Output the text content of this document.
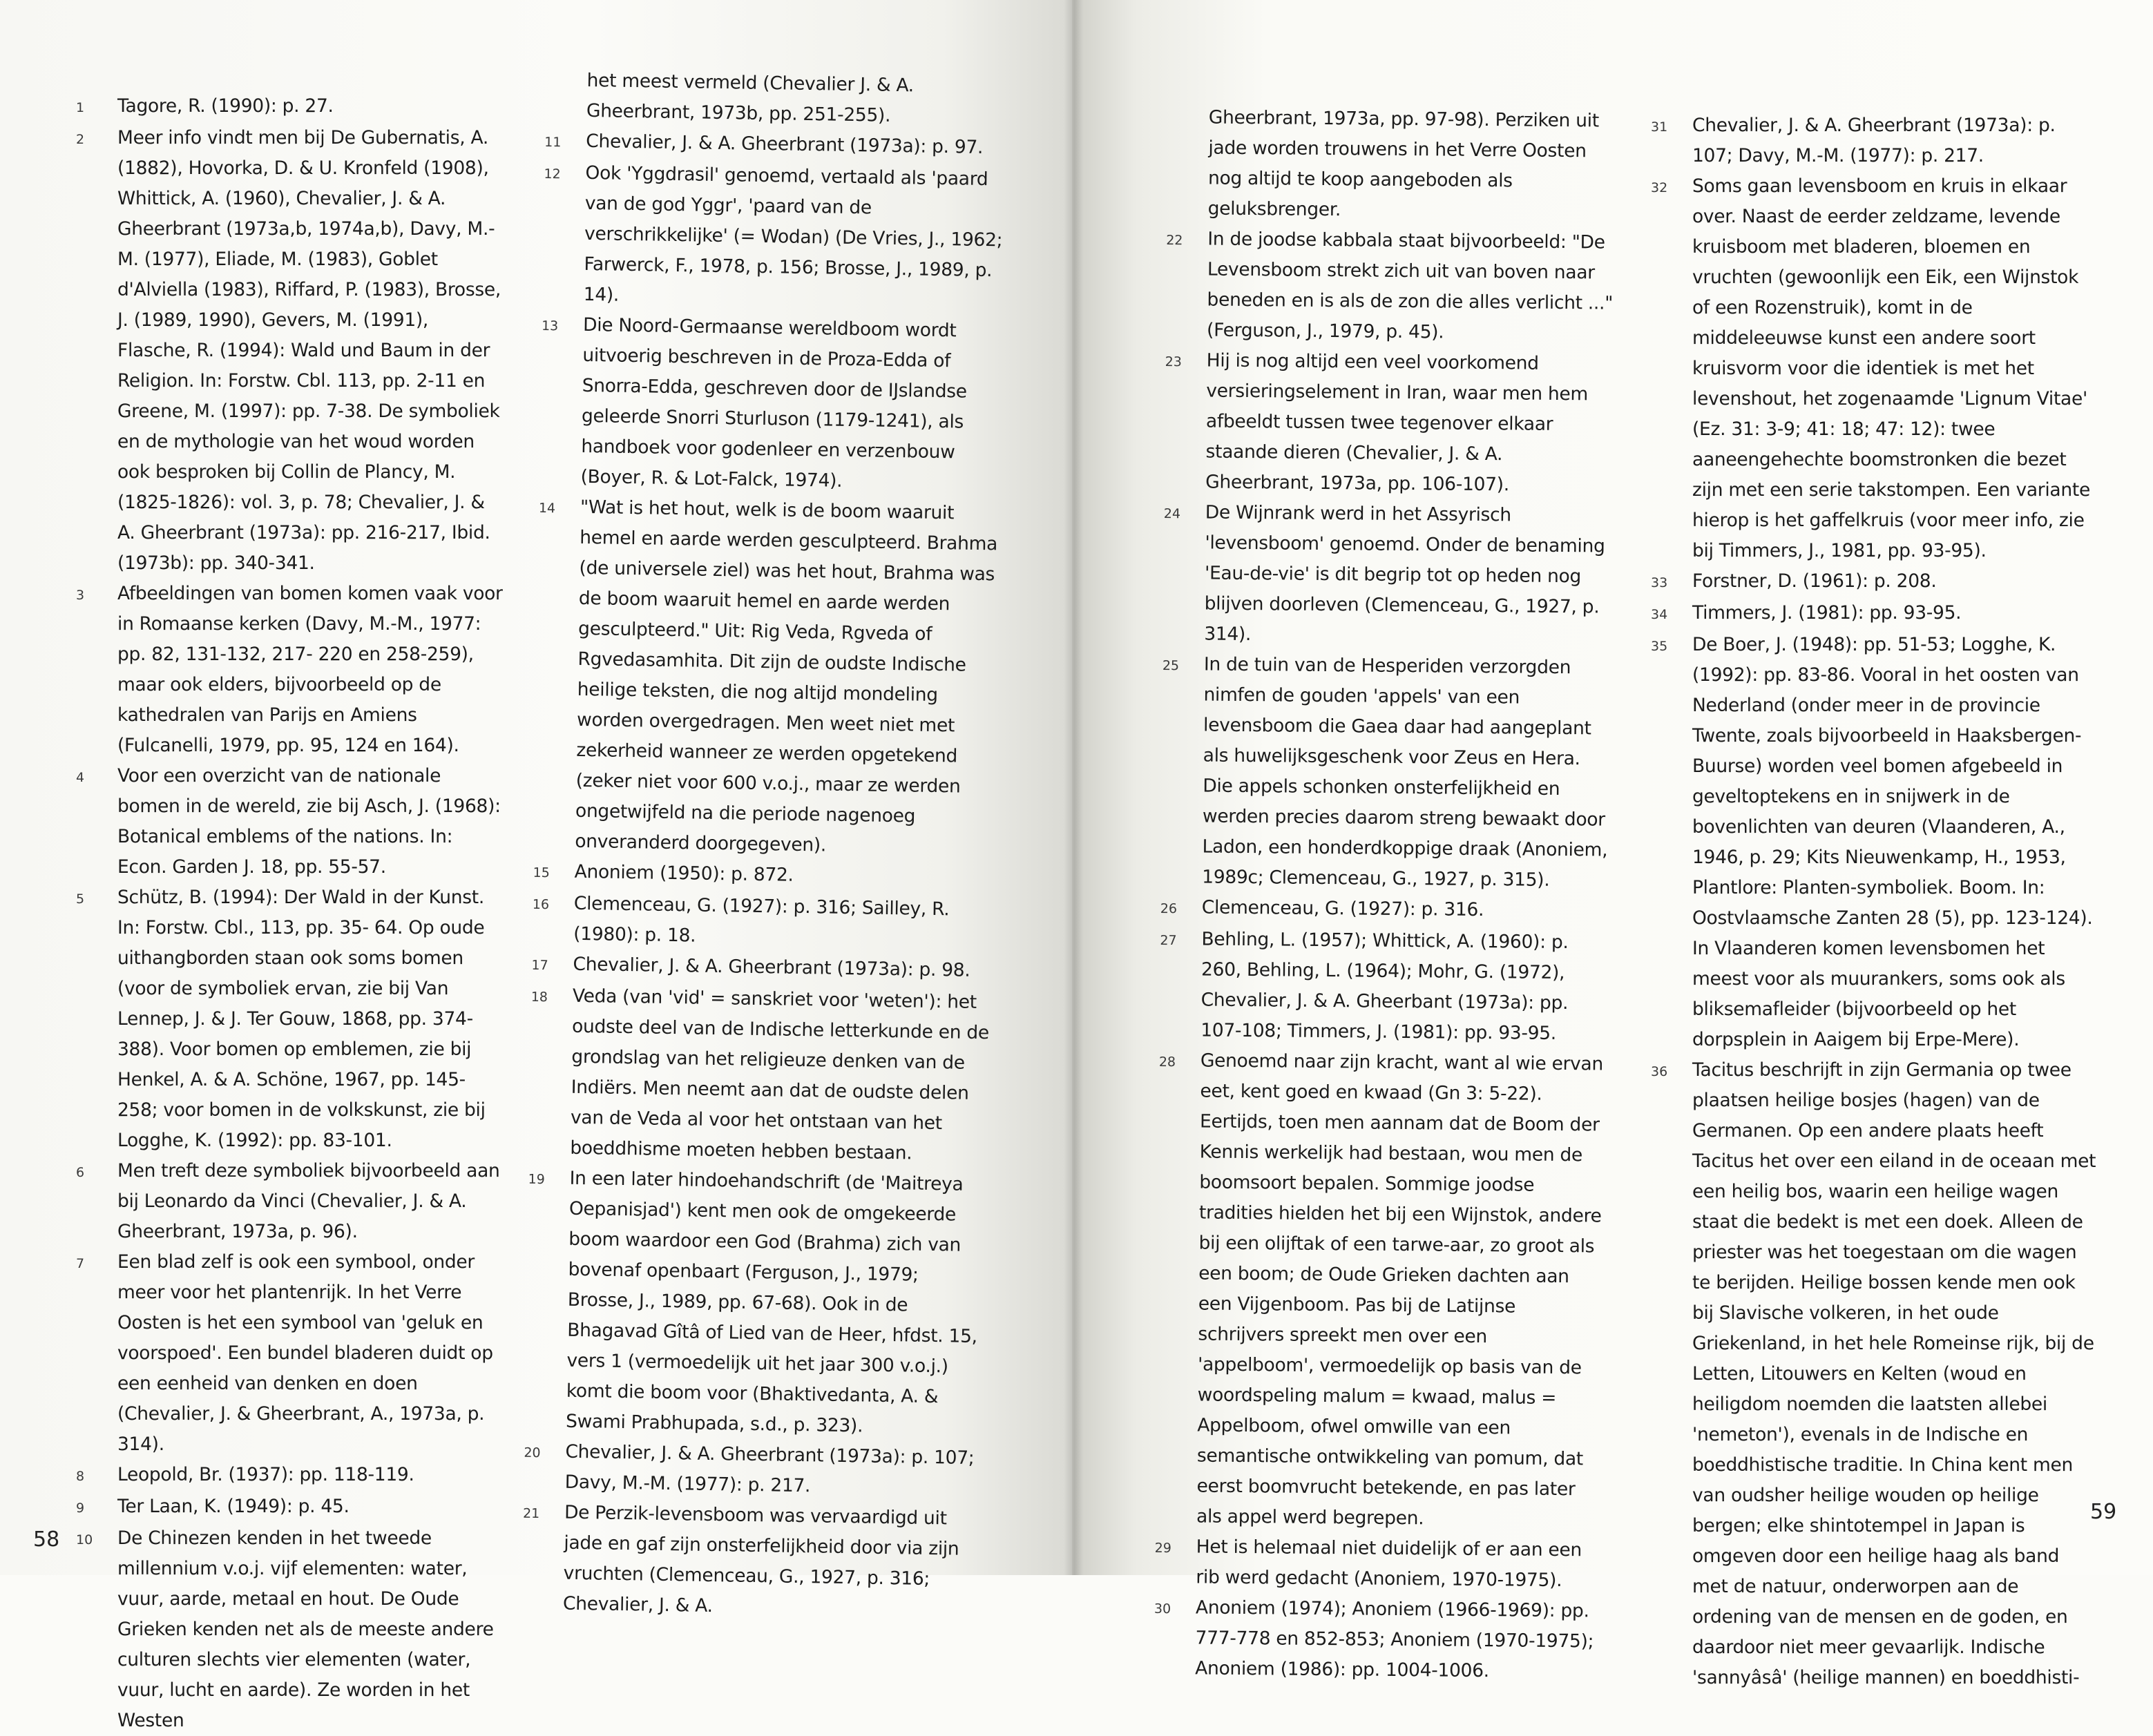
1	Tagore, R. (1990): p. 27.
2	Meer info vindt men bij De Gubernatis, A. (1882), Hovorka, D. & U. Kronfeld (1908), Whittick, A. (1960), Chevalier, J. & A. Gheerbrant (1973a,b, 1974a,b), Davy, M.-M. (1977), Eliade, M. (1983), Goblet d'Alviella (1983), Riffard, P. (1983), Brosse, J. (1989, 1990), Gevers, M. (1991), Flasche, R. (1994): Wald und Baum in der Religion. In: Forstw. Cbl. 113, pp. 2-11 en Greene, M. (1997): pp. 7-38. De symboliek en de mythologie van het woud worden ook besproken bij Collin de Plancy, M. (1825-1826): vol. 3, p. 78; Chevalier, J. & A. Gheerbrant (1973a): pp. 216-217, Ibid. (1973b): pp. 340-341.
3	Afbeeldingen van bomen komen vaak voor in Romaanse kerken (Davy, M.-M., 1977: pp. 82, 131-132, 217- 220 en 258-259), maar ook elders, bijvoorbeeld op de kathedralen van Parijs en Amiens (Fulcanelli, 1979, pp. 95, 124 en 164).
4	Voor een overzicht van de nationale bomen in de wereld, zie bij Asch, J. (1968): Botanical emblems of the nations. In: Econ. Garden J. 18, pp. 55-57.
5	Schütz, B. (1994): Der Wald in der Kunst. In: Forstw. Cbl., 113, pp. 35- 64. Op oude uithangborden staan ook soms bomen (voor de symboliek ervan, zie bij Van Lennep, J. & J. Ter Gouw, 1868, pp. 374-388). Voor bomen op emblemen, zie bij Henkel, A. & A. Schöne, 1967, pp. 145-258; voor bomen in de volkskunst, zie bij Logghe, K. (1992): pp. 83-101.
6	Men treft deze symboliek bijvoorbeeld aan bij Leonardo da Vinci (Chevalier, J. & A. Gheerbrant, 1973a, p. 96).
7	Een blad zelf is ook een symbool, onder meer voor het plantenrijk. In het Verre Oosten is het een symbool van 'geluk en voorspoed'. Een bundel bladeren duidt op een eenheid van denken en doen (Chevalier, J. & Gheerbrant, A., 1973a, p. 314).
8	Leopold, Br. (1937): pp. 118-119.
9	Ter Laan, K. (1949): p. 45.
10	De Chinezen kenden in het tweede millennium v.o.j. vijf elementen: water, vuur, aarde, metaal en hout. De Oude Grieken kenden net als de meeste andere culturen slechts vier elementen (water, vuur, lucht en aarde). Ze worden in het Westen
het meest vermeld (Chevalier J. & A. Gheerbrant, 1973b, pp. 251-255).
11	Chevalier, J. & A. Gheerbrant (1973a): p. 97.
12	Ook 'Yggdrasil' genoemd, vertaald als 'paard van de god Yggr', 'paard van de verschrikkelijke' (= Wodan) (De Vries, J., 1962; Farwerck, F., 1978, p. 156; Brosse, J., 1989, p. 14).
13	Die Noord-Germaanse wereldboom wordt uitvoerig beschreven in de Proza-Edda of Snorra-Edda, geschreven door de IJslandse geleerde Snorri Sturluson (1179-1241), als handboek voor godenleer en verzenbouw (Boyer, R. & Lot-Falck, 1974).
14	"Wat is het hout, welk is de boom waaruit hemel en aarde werden gesculpteerd. Brahma (de universele ziel) was het hout, Brahma was de boom waaruit hemel en aarde werden gesculpteerd." Uit: Rig Veda, Rgveda of Rgvedasamhita. Dit zijn de oudste Indische heilige teksten, die nog altijd mondeling worden overgedragen. Men weet niet met zekerheid wanneer ze werden opgetekend (zeker niet voor 600 v.o.j., maar ze werden ongetwijfeld na die periode nagenoeg onveranderd doorgegeven).
15	Anoniem (1950): p. 872.
16	Clemenceau, G. (1927): p. 316; Sailley, R. (1980): p. 18.
17	Chevalier, J. & A. Gheerbrant (1973a): p. 98.
18	Veda (van 'vid' = sanskriet voor 'weten'): het oudste deel van de Indische letterkunde en de grondslag van het religieuze denken van de Indiërs. Men neemt aan dat de oudste delen van de Veda al voor het ontstaan van het boeddhisme moeten hebben bestaan.
19	In een later hindoehandschrift (de 'Maitreya Oepanisjad') kent men ook de omgekeerde boom waardoor een God (Brahma) zich van bovenaf openbaart (Ferguson, J., 1979; Brosse, J., 1989, pp. 67-68). Ook in de Bhagavad Gîtâ of Lied van de Heer, hfdst. 15, vers 1 (vermoedelijk uit het jaar 300 v.o.j.) komt die boom voor (Bhaktivedanta, A. & Swami Prabhupada, s.d., p. 323).
20	Chevalier, J. & A. Gheerbrant (1973a): p. 107; Davy, M.-M. (1977): p. 217.
21	De Perzik-levensboom was vervaardigd uit jade en gaf zijn onsterfelijkheid door via zijn vruchten (Clemenceau, G., 1927, p. 316; Chevalier, J. & A.
58
Gheerbrant, 1973a, pp. 97-98). Perziken uit jade worden trouwens in het Verre Oosten nog altijd te koop aangeboden als geluksbrenger.
22	In de joodse kabbala staat bijvoorbeeld: "De Levensboom strekt zich uit van boven naar beneden en is als de zon die alles verlicht ..." (Ferguson, J., 1979, p. 45).
23	Hij is nog altijd een veel voorkomend versieringselement in Iran, waar men hem afbeeldt tussen twee tegenover elkaar staande dieren (Chevalier, J. & A. Gheerbrant, 1973a, pp. 106-107).
24	De Wijnrank werd in het Assyrisch 'levensboom' genoemd. Onder de benaming 'Eau-de-vie' is dit begrip tot op heden nog blijven doorleven (Clemenceau, G., 1927, p. 314).
25	In de tuin van de Hesperiden verzorgden nimfen de gouden 'appels' van een levensboom die Gaea daar had aangeplant als huwelijksgeschenk voor Zeus en Hera. Die appels schonken onsterfelijkheid en werden precies daarom streng bewaakt door Ladon, een honderdkoppige draak (Anoniem, 1989c; Clemenceau, G., 1927, p. 315).
26	Clemenceau, G. (1927): p. 316.
27	Behling, L. (1957); Whittick, A. (1960): p. 260, Behling, L. (1964); Mohr, G. (1972), Chevalier, J. & A. Gheerbant (1973a): pp. 107-108; Timmers, J. (1981): pp. 93-95.
28	Genoemd naar zijn kracht, want al wie ervan eet, kent goed en kwaad (Gn 3: 5-22). Eertijds, toen men aannam dat de Boom der Kennis werkelijk had bestaan, wou men de boomsoort bepalen. Sommige joodse tradities hielden het bij een Wijnstok, andere bij een olijftak of een tarwe-aar, zo groot als een boom; de Oude Grieken dachten aan een Vijgenboom. Pas bij de Latijnse schrijvers spreekt men over een 'appelboom', vermoedelijk op basis van de woordspeling malum = kwaad, malus = Appelboom, ofwel omwille van een semantische ontwikkeling van pomum, dat eerst boomvrucht betekende, en pas later als appel werd begrepen.
29	Het is helemaal niet duidelijk of er aan een rib werd gedacht (Anoniem, 1970-1975).
30	Anoniem (1974); Anoniem (1966-1969): pp. 777-778 en 852-853; Anoniem (1970-1975); Anoniem (1986): pp. 1004-1006.
31	Chevalier, J. & A. Gheerbrant (1973a): p. 107; Davy, M.-M. (1977): p. 217.
32	Soms gaan levensboom en kruis in elkaar over. Naast de eerder zeldzame, levende kruisboom met bladeren, bloemen en vruchten (gewoonlijk een Eik, een Wijnstok of een Rozenstruik), komt in de middeleeuwse kunst een andere soort kruisvorm voor die identiek is met het levenshout, het zogenaamde 'Lignum Vitae' (Ez. 31: 3-9; 41: 18; 47: 12): twee aaneengehechte boomstronken die bezet zijn met een serie takstompen. Een variante hierop is het gaffelkruis (voor meer info, zie bij Timmers, J., 1981, pp. 93-95).
33	Forstner, D. (1961): p. 208.
34	Timmers, J. (1981): pp. 93-95.
35	De Boer, J. (1948): pp. 51-53; Logghe, K. (1992): pp. 83-86. Vooral in het oosten van Nederland (onder meer in de provincie Twente, zoals bijvoorbeeld in Haaksbergen-Buurse) worden veel bomen afgebeeld in geveltoptekens en in snijwerk in de bovenlichten van deuren (Vlaanderen, A., 1946, p. 29; Kits Nieuwenkamp, H., 1953, Plantlore: Planten-symboliek. Boom. In: Oostvlaamsche Zanten 28 (5), pp. 123-124). In Vlaanderen komen levensbomen het meest voor als muurankers, soms ook als bliksemafleider (bijvoorbeeld op het dorpsplein in Aaigem bij Erpe-Mere).
36	Tacitus beschrijft in zijn Germania op twee plaatsen heilige bosjes (hagen) van de Germanen. Op een andere plaats heeft Tacitus het over een eiland in de oceaan met een heilig bos, waarin een heilige wagen staat die bedekt is met een doek. Alleen de priester was het toegestaan om die wagen te berijden. Heilige bossen kende men ook bij Slavische volkeren, in het oude Griekenland, in het hele Romeinse rijk, bij de Letten, Litouwers en Kelten (woud en heiligdom noemden die laatsten allebei 'nemeton'), evenals in de Indische en boeddhistische traditie. In China kent men van oudsher heilige wouden op heilige bergen; elke shintotempel in Japan is omgeven door een heilige haag als band met de natuur, onderworpen aan de ordening van de mensen en de goden, en daardoor niet meer gevaarlijk. Indische 'sannyâsâ' (heilige mannen) en boeddhisti-
59
